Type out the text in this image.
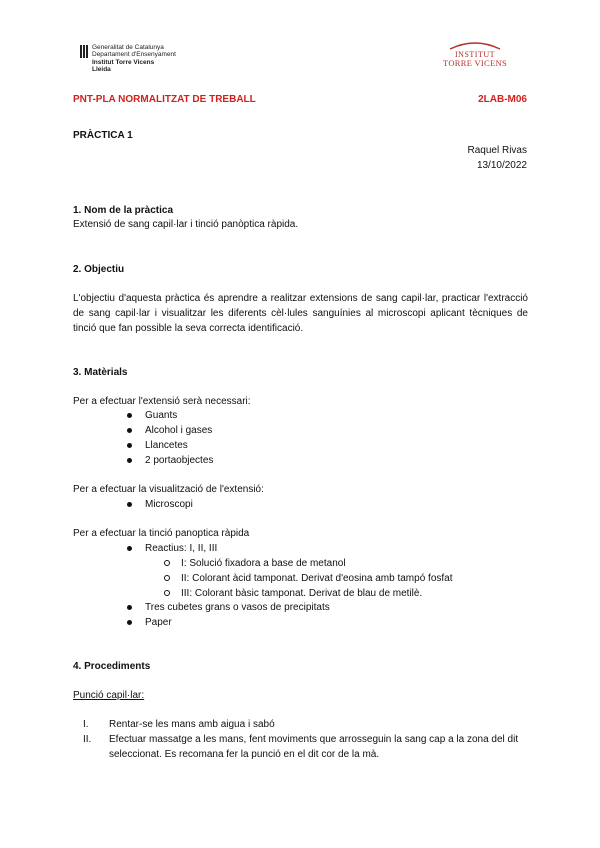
Generalitat de Catalunya
Departament d'Ensenyament
Institut Torre Vicens
Lleida
INSTITUT
TORRE VICENS
PNT-PLA NORMALITZAT DE TREBALL	2LAB-M06
PRÀCTICA 1
Raquel Rivas
13/10/2022
1. Nom de la pràctica
Extensió de sang capil·lar i tinció panòptica ràpida.
2. Objectiu
L'objectiu d'aquesta pràctica és aprendre a realitzar extensions de sang capil·lar, practicar l'extracció de sang capil·lar i visualitzar les diferents cèl·lules sanguínies al microscopi aplicant tècniques de tinció que fan possible la seva correcta identificació.
3. Matèrials
Per a efectuar l'extensió serà necessari:
Guants
Alcohol i gases
Llancetes
2 portaobjectes
Per a efectuar la visualització de l'extensió:
Microscopi
Per a efectuar la tinció panoptica ràpida
Reactius: I, II, III
I: Solució fixadora a base de metanol
II: Colorant àcid tamponat. Derivat d'eosina amb tampó fosfat
III: Colorant bàsic tamponat. Derivat de blau de metilè.
Tres cubetes grans o vasos de precipitats
Paper
4. Procediments
Punció capil·lar:
I. Rentar-se les mans amb aigua i sabó
II. Efectuar massatge a les mans, fent moviments que arrosseguin la sang cap a la zona del dit seleccionat. Es recomana fer la punció en el dit cor de la mà.
